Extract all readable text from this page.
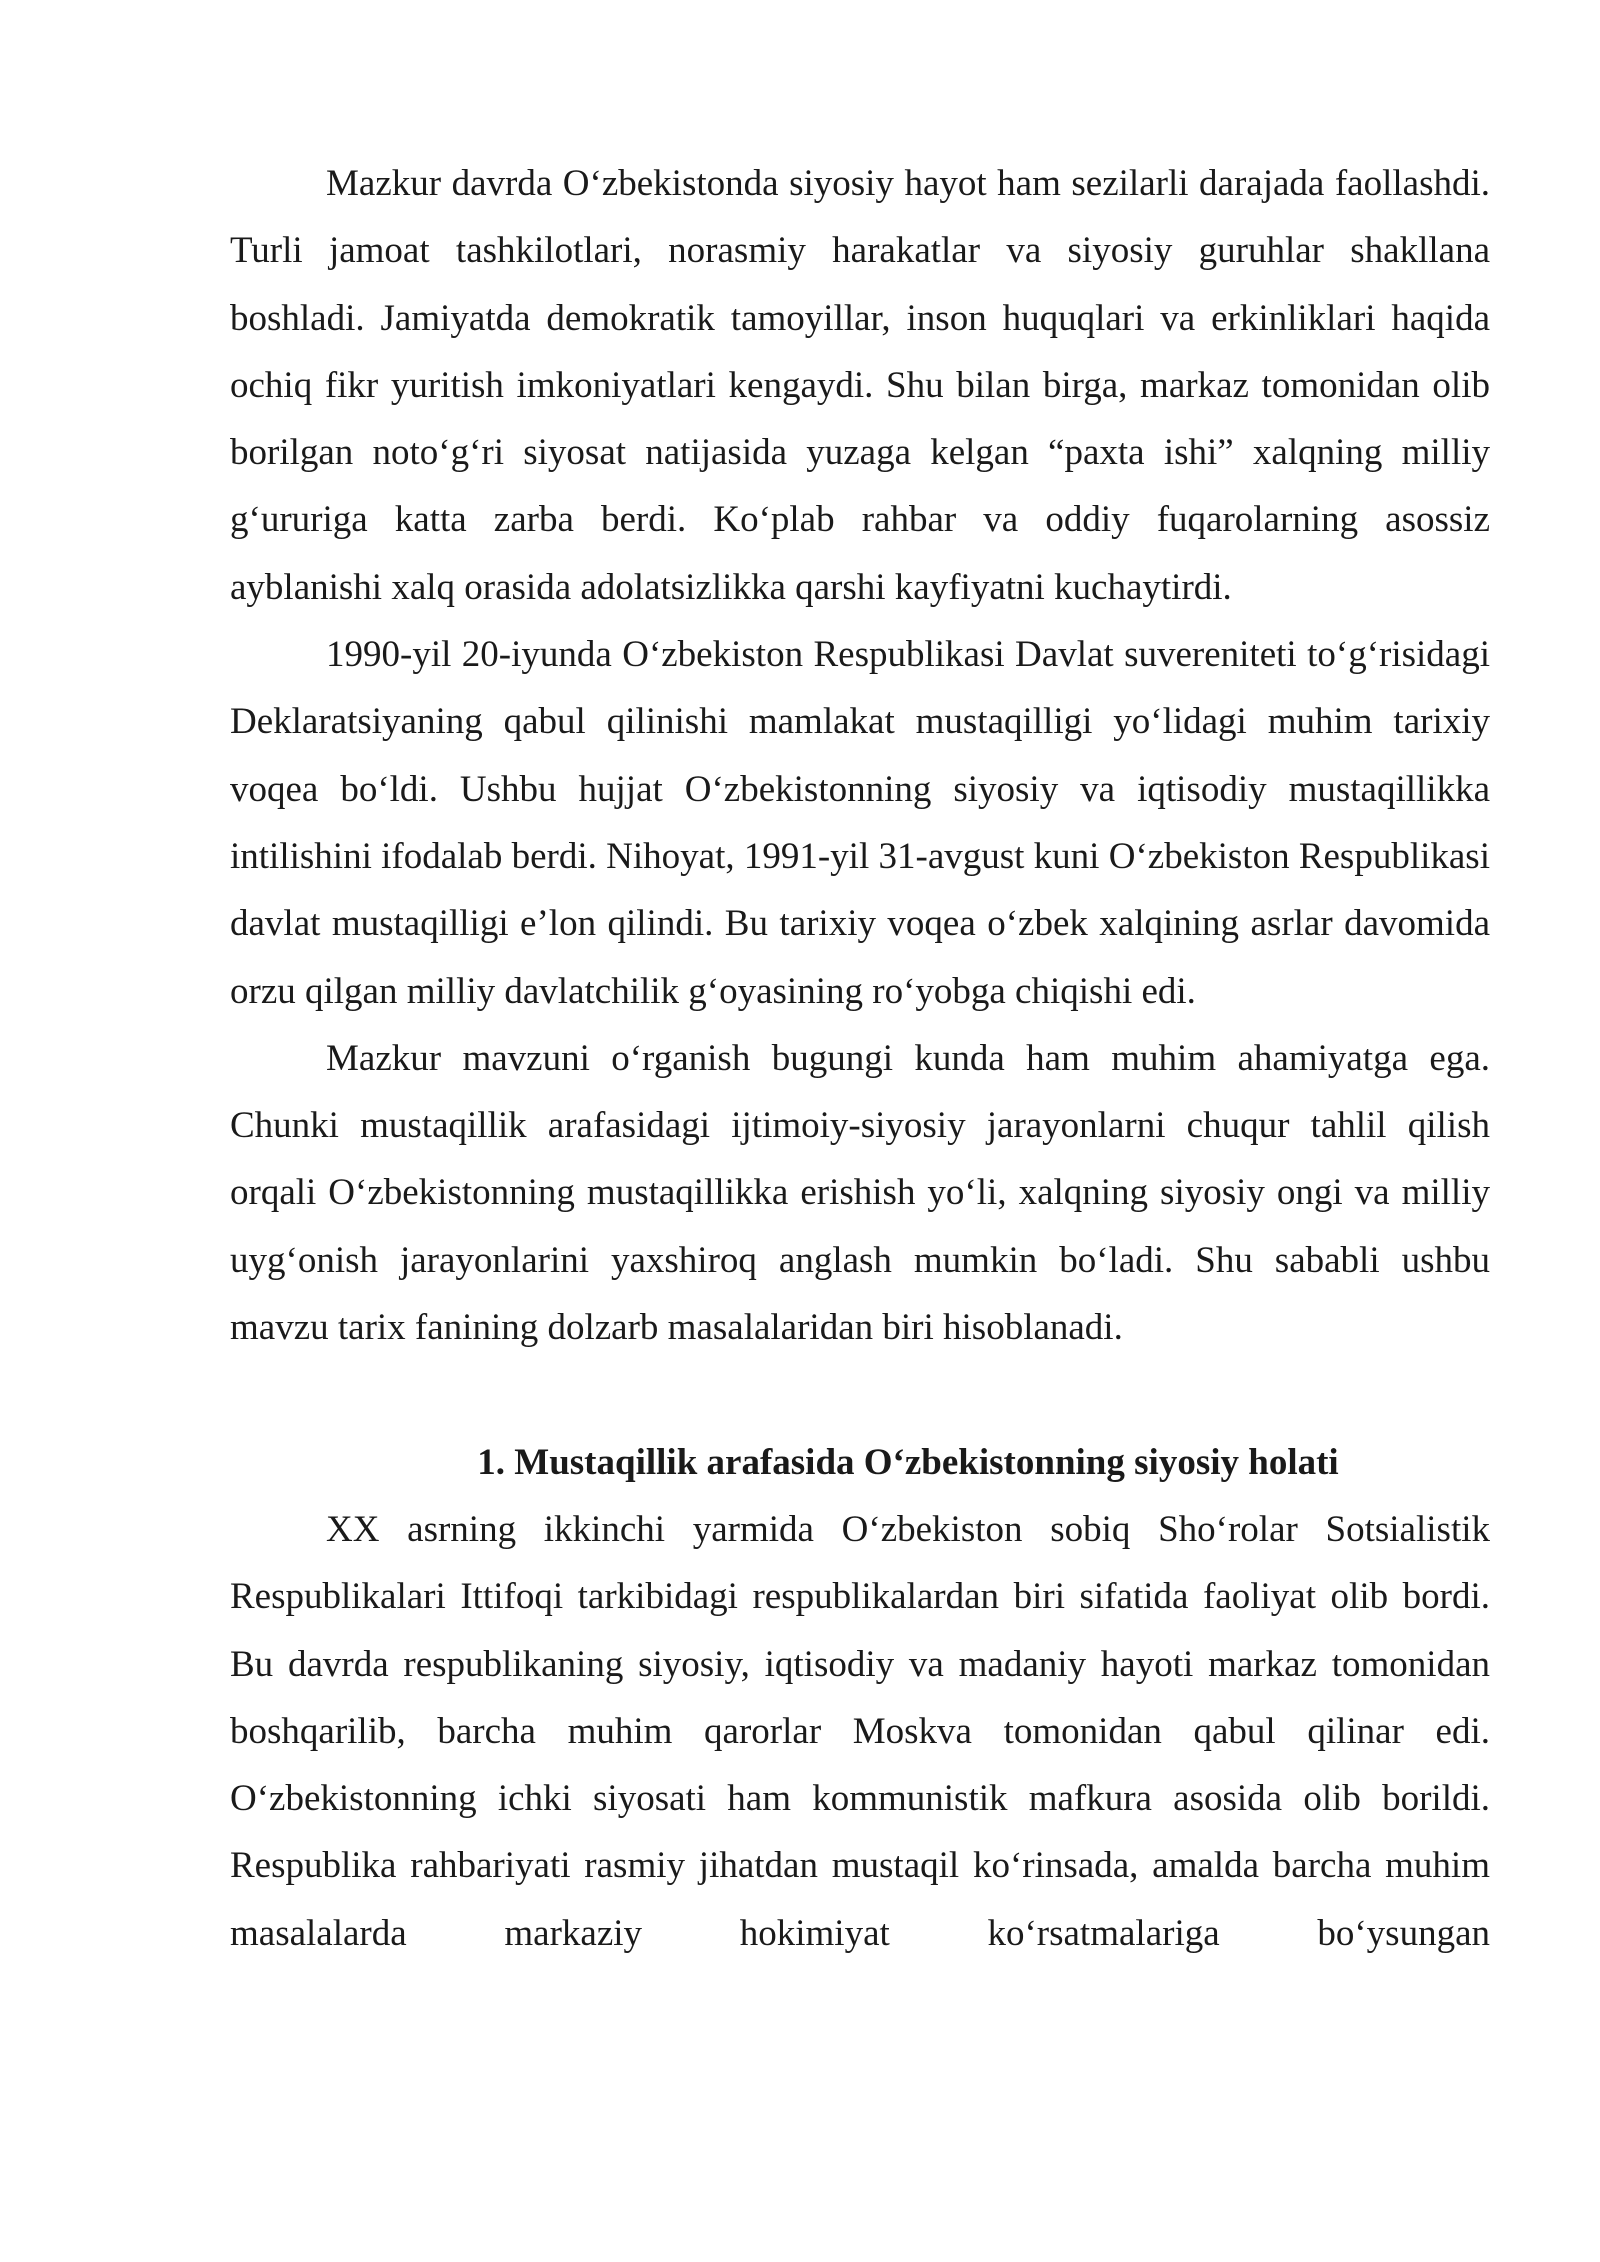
Mazkur davrda O‘zbekistonda siyosiy hayot ham sezilarli darajada faollashdi. Turli jamoat tashkilotlari, norasmiy harakatlar va siyosiy guruhlar shakllana boshladi. Jamiyatda demokratik tamoyillar, inson huquqlari va erkinliklari haqida ochiq fikr yuritish imkoniyatlari kengaydi. Shu bilan birga, markaz tomonidan olib borilgan noto‘g‘ri siyosat natijasida yuzaga kelgan “paxta ishi” xalqning milliy g‘ururiga katta zarba berdi. Ko‘plab rahbar va oddiy fuqarolarning asossiz ayblanishi xalq orasida adolatsizlikka qarshi kayfiyatni kuchaytirdi.

1990-yil 20-iyunda O‘zbekiston Respublikasi Davlat suvereniteti to‘g‘risidagi Deklaratsiyaning qabul qilinishi mamlakat mustaqilligi yo‘lidagi muhim tarixiy voqea bo‘ldi. Ushbu hujjat O‘zbekistonning siyosiy va iqtisodiy mustaqillikka intilishini ifodalab berdi. Nihoyat, 1991-yil 31-avgust kuni O‘zbekiston Respublikasi davlat mustaqilligi e’lon qilindi. Bu tarixiy voqea o‘zbek xalqining asrlar davomida orzu qilgan milliy davlatchilik g‘oyasining ro‘yobga chiqishi edi.

Mazkur mavzuni o‘rganish bugungi kunda ham muhim ahamiyatga ega. Chunki mustaqillik arafasidagi ijtimoiy-siyosiy jarayonlarni chuqur tahlil qilish orqali O‘zbekistonning mustaqillikka erishish yo‘li, xalqning siyosiy ongi va milliy uyg‘onish jarayonlarini yaxshiroq anglash mumkin bo‘ladi. Shu sababli ushbu mavzu tarix fanining dolzarb masalalaridan biri hisoblanadi.

1. Mustaqillik arafasida O‘zbekistonning siyosiy holati

XX asrning ikkinchi yarmida O‘zbekiston sobiq Sho‘rolar Sotsialistik Respublikalari Ittifoqi tarkibidagi respublikalardan biri sifatida faoliyat olib bordi. Bu davrda respublikaning siyosiy, iqtisodiy va madaniy hayoti markaz tomonidan boshqarilib, barcha muhim qarorlar Moskva tomonidan qabul qilinar edi. O‘zbekistonning ichki siyosati ham kommunistik mafkura asosida olib borildi. Respublika rahbariyati rasmiy jihatdan mustaqil ko‘rinsada, amalda barcha muhim masalalarda markaziy hokimiyat ko‘rsatmalariga bo‘ysungan
